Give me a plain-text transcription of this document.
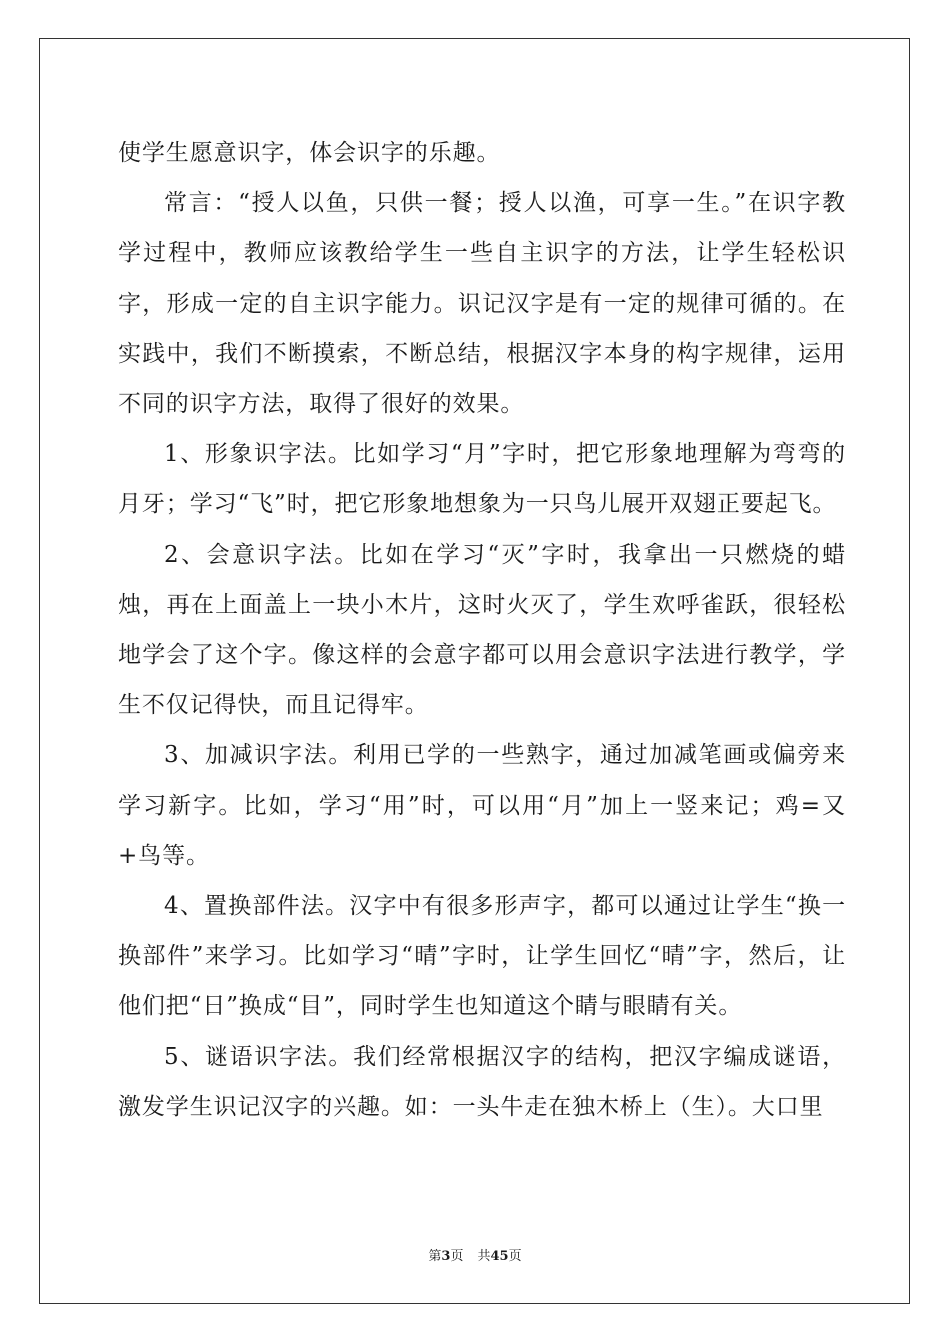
使学生愿意识字，体会识字的乐趣。

常言：“授人以鱼，只供一餐；授人以渔，可享一生。”在识字教学过程中，教师应该教给学生一些自主识字的方法，让学生轻松识字，形成一定的自主识字能力。识记汉字是有一定的规律可循的。在实践中，我们不断摸索，不断总结，根据汉字本身的构字规律，运用不同的识字方法，取得了很好的效果。

1、形象识字法。比如学习“月”字时，把它形象地理解为弯弯的月牙；学习“飞”时，把它形象地想象为一只鸟儿展开双翅正要起飞。

2、会意识字法。比如在学习“灭”字时，我拿出一只燃烧的蜡烛，再在上面盖上一块小木片，这时火灭了，学生欢呼雀跃，很轻松地学会了这个字。像这样的会意字都可以用会意识字法进行教学，学生不仅记得快，而且记得牢。

3、加减识字法。利用已学的一些熟字，通过加减笔画或偏旁来学习新字。比如，学习“用”时，可以用“月”加上一竖来记；鸡=又+鸟等。

4、置换部件法。汉字中有很多形声字，都可以通过让学生“换一换部件”来学习。比如学习“晴”字时，让学生回忆“晴”字，然后，让他们把“日”换成“目”，同时学生也知道这个睛与眼睛有关。

5、谜语识字法。我们经常根据汉字的结构，把汉字编成谜语，激发学生识记汉字的兴趣。如：一头牛走在独木桥上（生）。大口里

第3页 共45页
